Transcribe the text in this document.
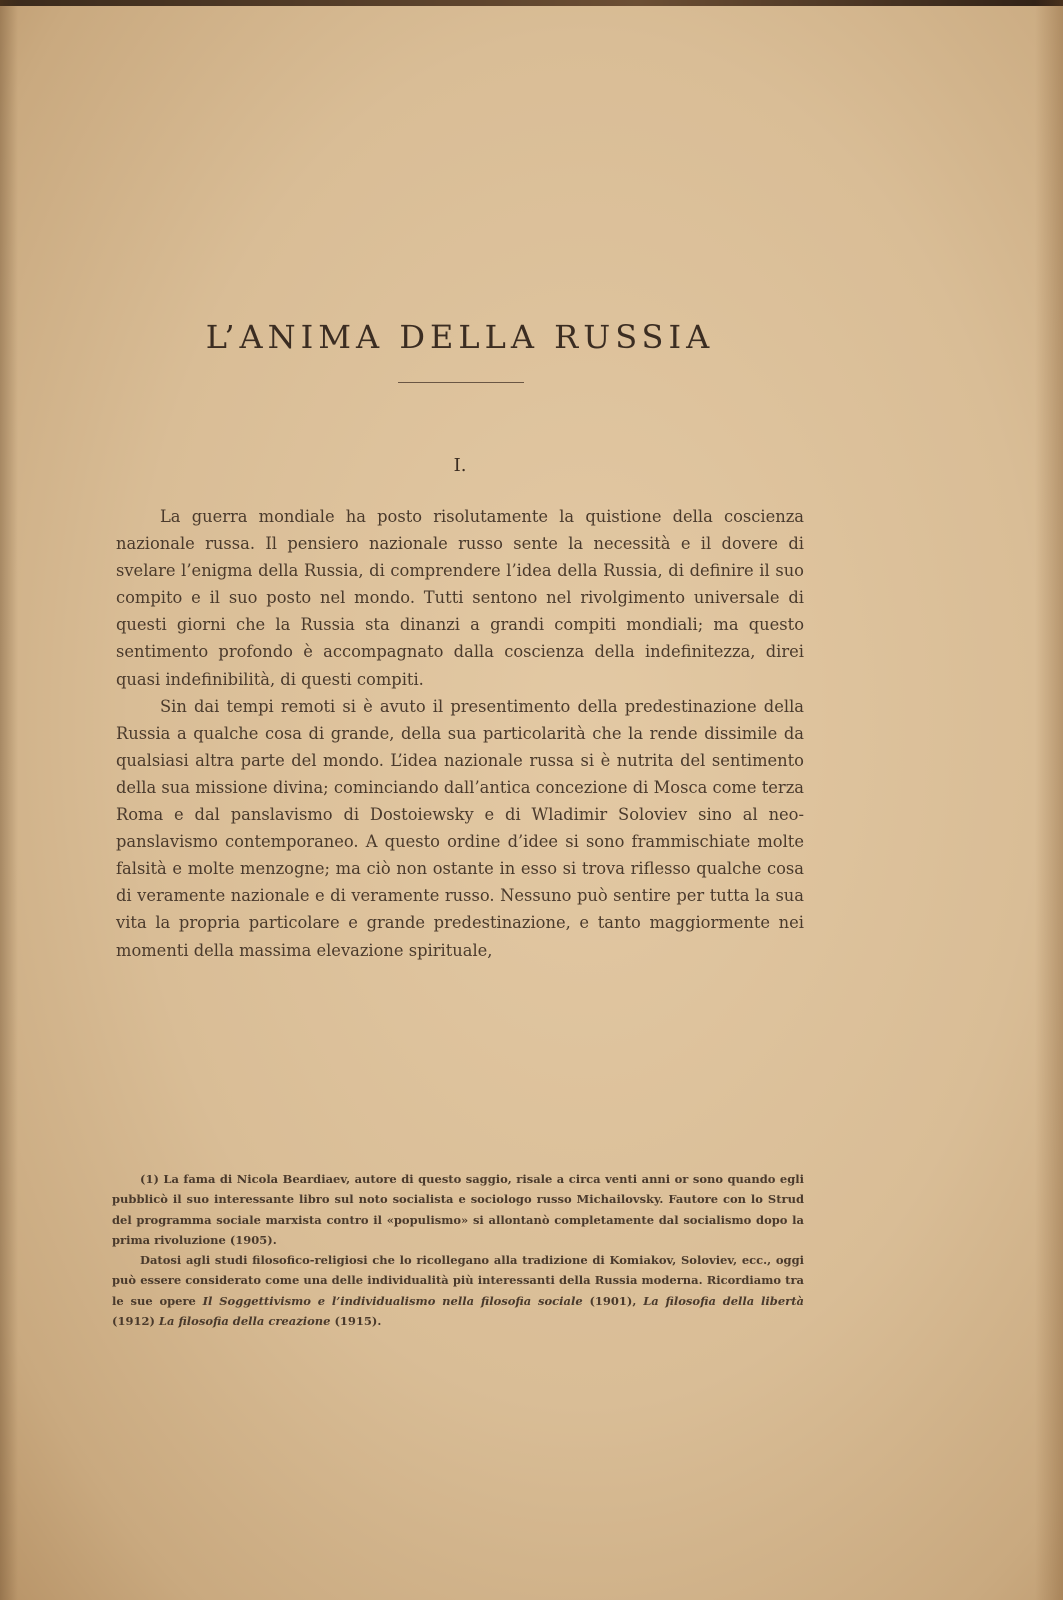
L’ANIMA DELLA RUSSIA
I.

La guerra mondiale ha posto risolutamente la quistione della coscienza nazionale russa. Il pensiero nazionale russo sente la necessità e il dovere di svelare l’enigma della Russia, di comprendere l’idea della Russia, di definire il suo compito e il suo posto nel mondo. Tutti sentono nel rivolgimento universale di questi giorni che la Russia sta dinanzi a grandi compiti mondiali; ma questo sentimento profondo è accompagnato dalla coscienza della indefinitezza, direi quasi indefinibilità, di questi compiti.

Sin dai tempi remoti si è avuto il presentimento della predestinazione della Russia a qualche cosa di grande, della sua particolarità che la rende dissimile da qualsiasi altra parte del mondo. L’idea nazionale russa si è nutrita del sentimento della sua missione divina; cominciando dall’antica concezione di Mosca come terza Roma e dal panslavismo di Dostoiewsky e di Wladimir Soloviev sino al neo-panslavismo contemporaneo. A questo ordine d’idee si sono frammischiate molte falsità e molte menzogne; ma ciò non ostante in esso si trova riflesso qualche cosa di veramente nazionale e di veramente russo. Nessuno può sentire per tutta la sua vita la propria particolare e grande predestinazione, e tanto maggiormente nei momenti della massima elevazione spirituale,

(1) La fama di Nicola Beardiaev, autore di questo saggio, risale a circa venti anni or sono quando egli pubblicò il suo interessante libro sul noto socialista e sociologo russo Michailovsky. Fautore con lo Strud del programma sociale marxista contro il «populismo» si allontanò completamente dal socialismo dopo la prima rivoluzione (1905).

Datosi agli studi filosofico-religiosi che lo ricollegano alla tradizione di Komiakov, Soloviev, ecc., oggi può essere considerato come una delle individualità più interessanti della Russia moderna. Ricordiamo tra le sue opere Il Soggettivismo e l’individualismo nella filosofia sociale (1901), La filosofia della libertà (1912) La filosofia della creazione (1915).
